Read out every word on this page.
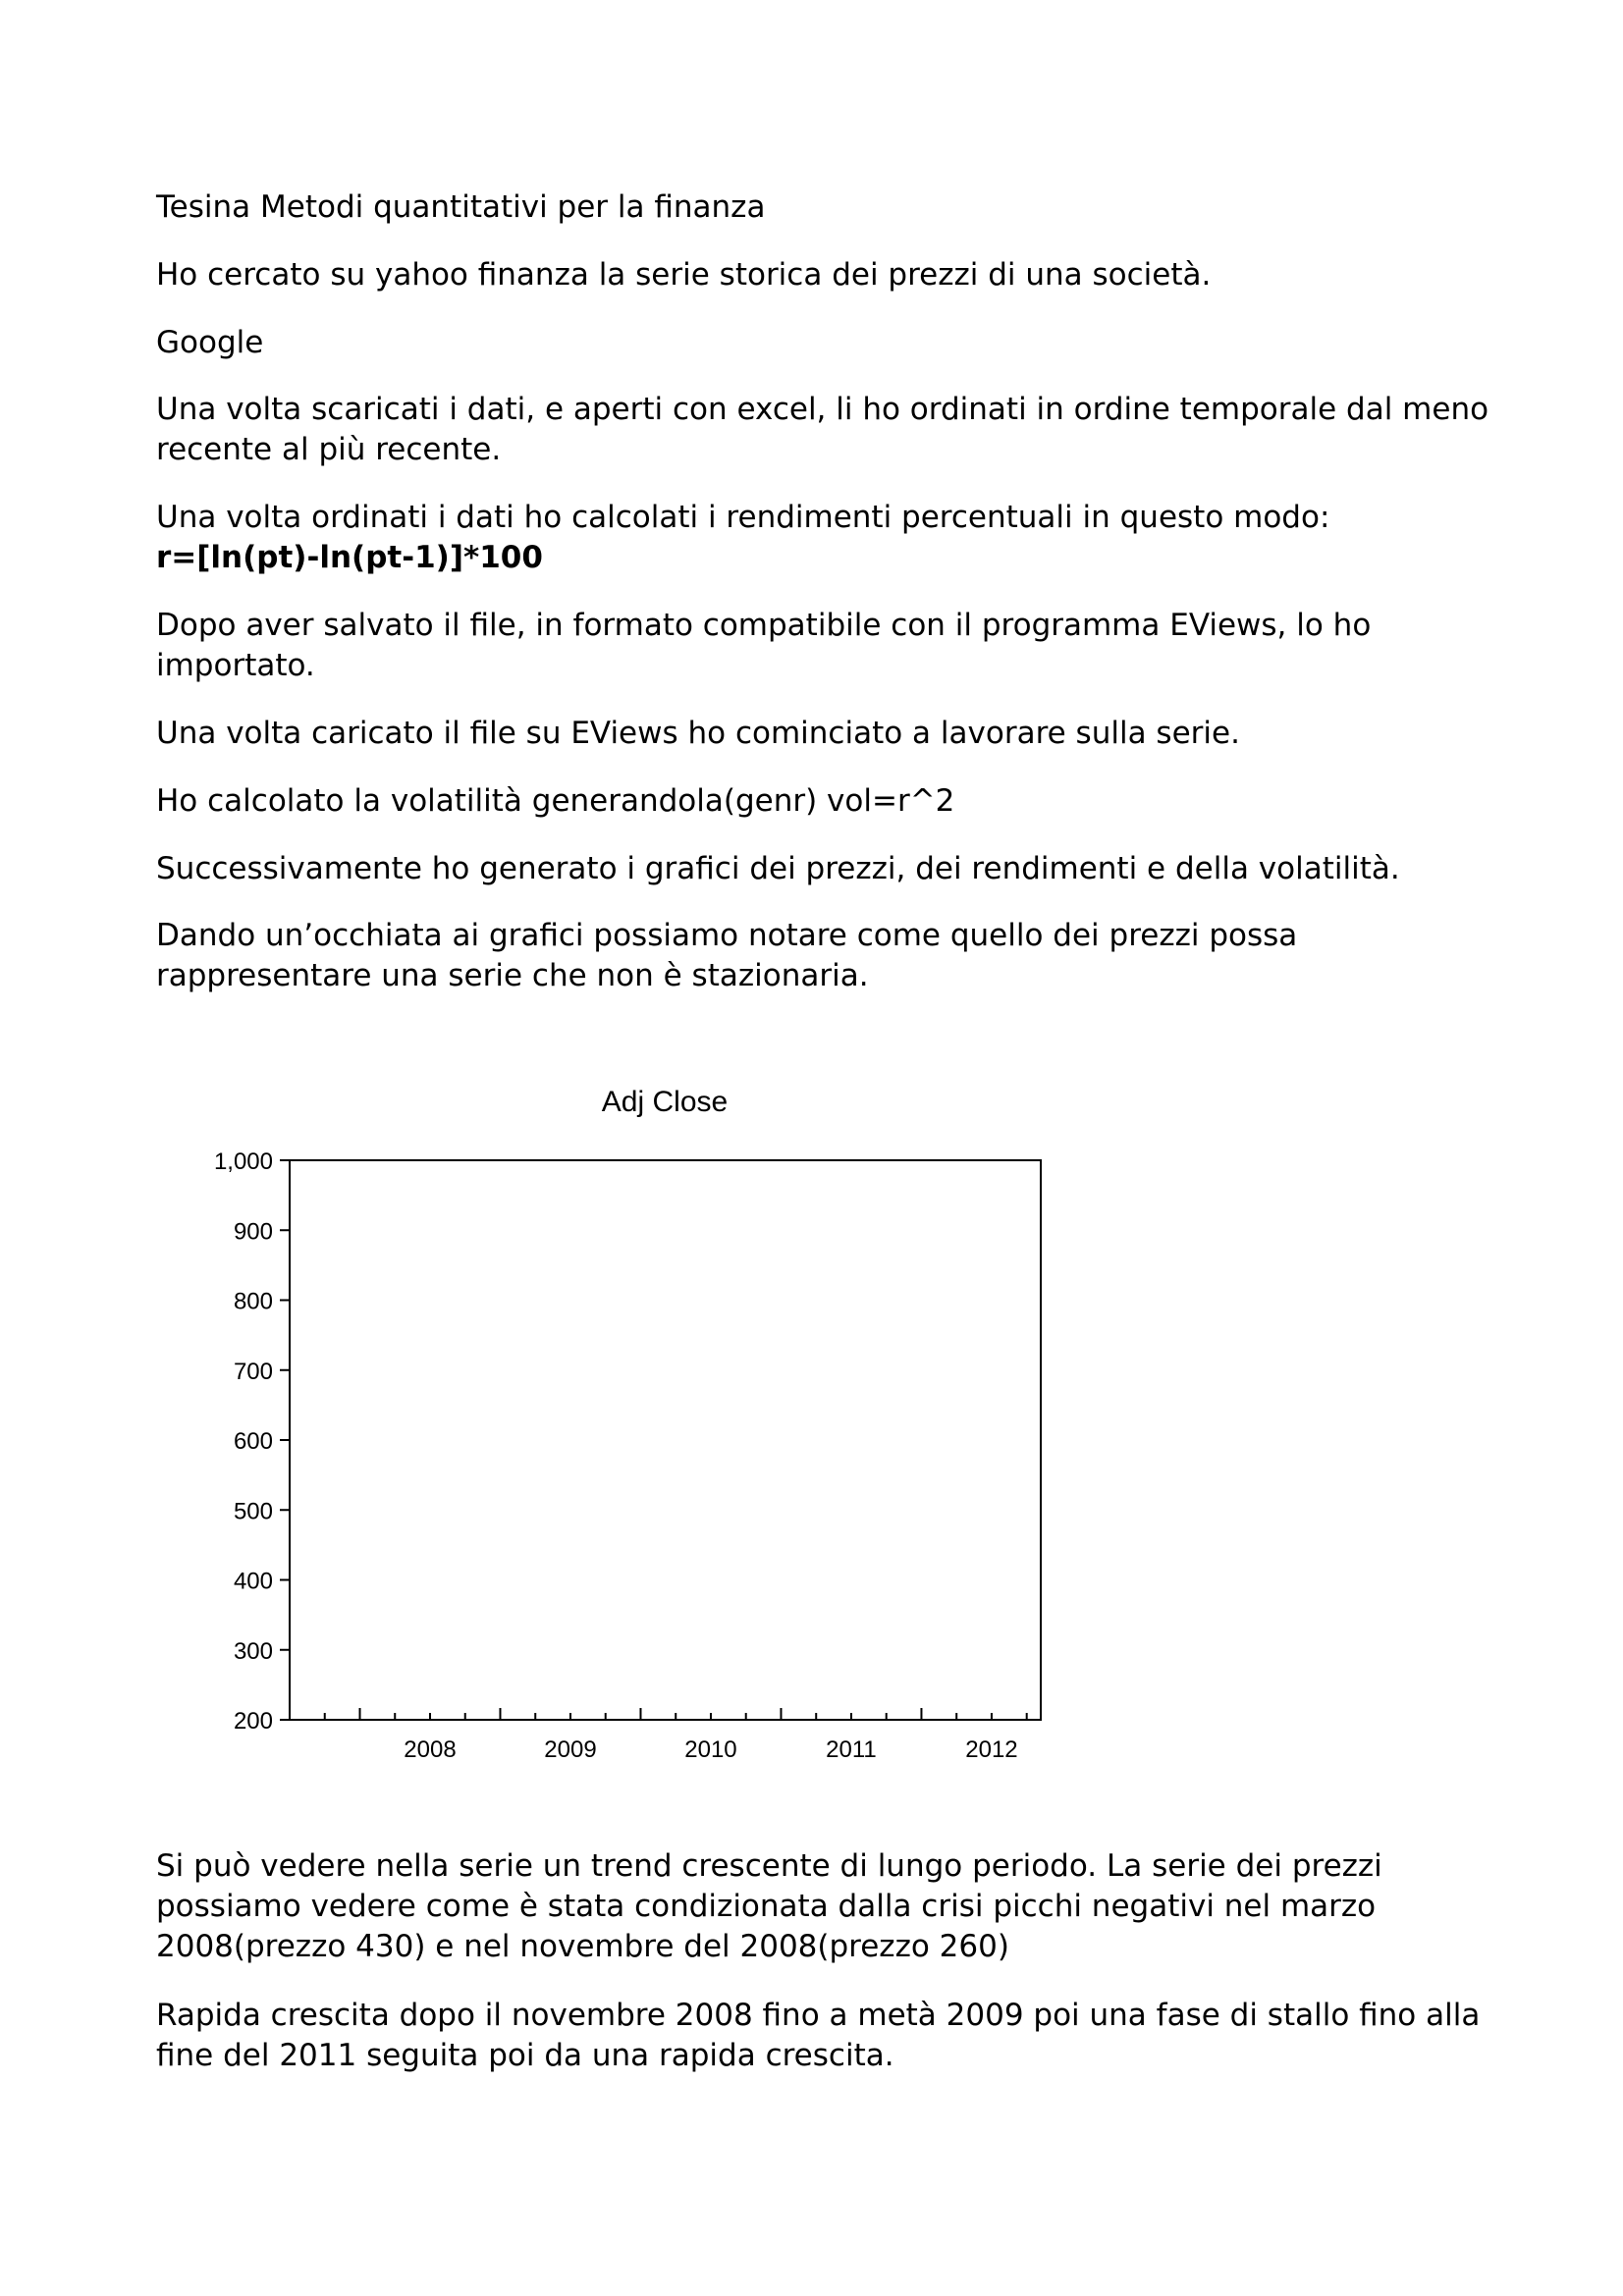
Tesina Metodi quantitativi per la finanza

Ho cercato su yahoo finanza la serie storica dei prezzi di una società.

Google

Una volta scaricati i dati, e aperti con excel, li ho ordinati in ordine temporale dal meno
recente al più recente.
Una volta ordinati i dati ho calcolati i rendimenti percentuali in questo modo:
r=[ln(pt)-ln(pt-1)]*100
Dopo aver salvato il file, in formato compatibile con il programma EViews, lo ho
importato.

Una volta caricato il file su EViews ho cominciato a lavorare sulla serie.

Ho calcolato la volatilità generandola(genr) vol=r^2

Successivamente ho generato i grafici dei prezzi, dei rendimenti e della volatilità.

Dando un’occhiata ai grafici possiamo notare come quello dei prezzi possa
rappresentare una serie che non è stazionaria.
Adj Close
200
300
400
500
600
700
800
900
1,000
2008	2009	2010	2011	2012
Si può vedere nella serie un trend crescente di lungo periodo. La serie dei prezzi
possiamo vedere come è stata condizionata dalla crisi picchi negativi nel marzo
2008(prezzo 430) e nel novembre del 2008(prezzo 260)
Rapida crescita dopo il novembre 2008 fino a metà 2009 poi una fase di stallo fino alla
fine del 2011 seguita poi da una rapida crescita.
